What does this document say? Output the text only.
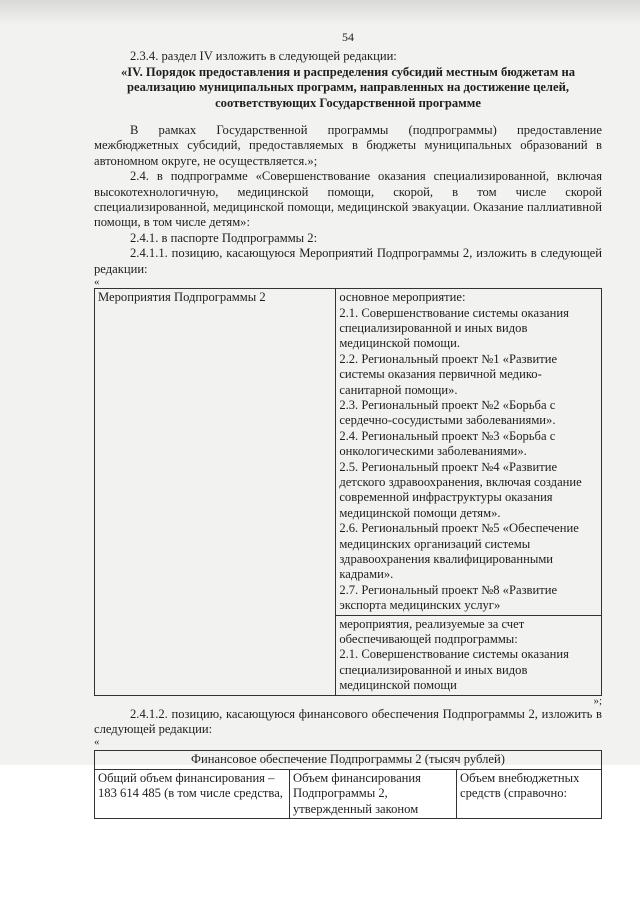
54

2.3.4. раздел IV изложить в следующей редакции:

«IV. Порядок предоставления и распределения субсидий местным бюджетам на реализацию муниципальных программ, направленных на достижение целей, соответствующих Государственной программе

В рамках Государственной программы (подпрограммы) предоставление межбюджетных субсидий, предоставляемых в бюджеты муниципальных образований в автономном округе, не осуществляется.»;

2.4. в подпрограмме «Совершенствование оказания специализированной, включая высокотехнологичную, медицинской помощи, скорой, в том числе скорой специализированной, медицинской помощи, медицинской эвакуации. Оказание паллиативной помощи, в том числе детям»:

2.4.1. в паспорте Подпрограммы 2:

2.4.1.1. позицию, касающуюся Мероприятий Подпрограммы 2, изложить в следующей редакции:

«

Мероприятия Подпрограммы 2	основное мероприятие:

2.1. Совершенствование системы оказания специализированной и иных видов медицинской помощи.

2.2. Региональный проект №1 «Развитие системы оказания первичной медико-санитарной помощи».

2.3. Региональный проект №2 «Борьба с сердечно-сосудистыми заболеваниями».

2.4. Региональный проект №3 «Борьба с онкологическими заболеваниями».

2.5. Региональный проект №4 «Развитие детского здравоохранения, включая создание современной инфраструктуры оказания медицинской помощи детям».

2.6. Региональный проект №5 «Обеспечение медицинских организаций системы здравоохранения квалифицированными кадрами».

2.7. Региональный проект №8 «Развитие экспорта медицинских услуг»

мероприятия, реализуемые за счет обеспечивающей подпрограммы:

2.1. Совершенствование системы оказания специализированной и иных видов медицинской помощи

»;

2.4.1.2. позицию, касающуюся финансового обеспечения Подпрограммы 2, изложить в следующей редакции:

«

Финансовое обеспечение Подпрограммы 2 (тысяч рублей)
Общий объем финансирования – 183 614 485 (в том числе средства,	Объем финансирования Подпрограммы 2, утвержденный законом	Объем внебюджетных средств (справочно:
